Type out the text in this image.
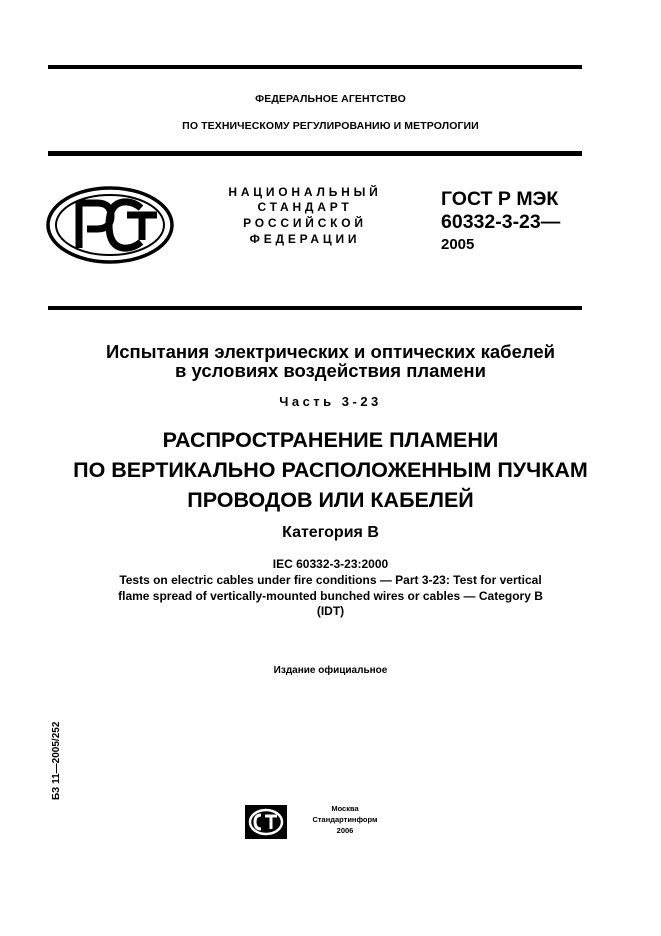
ФЕДЕРАЛЬНОЕ АГЕНТСТВО
ПО ТЕХНИЧЕСКОМУ РЕГУЛИРОВАНИЮ И МЕТРОЛОГИИ
НАЦИОНАЛЬНЫЙ
СТАНДАРТ
РОССИЙСКОЙ
ФЕДЕРАЦИИ
ГОСТ Р МЭК
60332-3-23—
2005
Испытания электрических и оптических кабелей
в условиях воздействия пламени
Часть 3-23
РАСПРОСТРАНЕНИЕ ПЛАМЕНИ
ПО ВЕРТИКАЛЬНО РАСПОЛОЖЕННЫМ ПУЧКАМ
ПРОВОДОВ ИЛИ КАБЕЛЕЙ
Категория B
IEC 60332-3-23:2000
Tests on electric cables under fire conditions — Part 3-23: Test for vertical
flame spread of vertically-mounted bunched wires or cables — Category B
(IDT)
Издание официальное
БЗ 11—2005/252
Москва
Стандартинформ
2006
